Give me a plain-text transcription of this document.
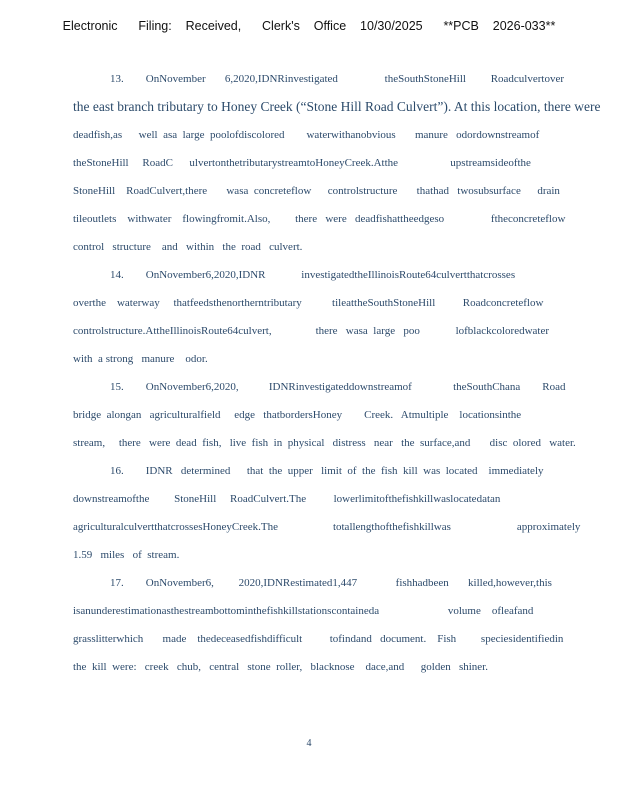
Electronic      Filing:    Received,      Clerk's    Office    10/30/2025      **PCB    2026-033**
13.        OnNovember       6,2020,IDNRinvestigated                 theSouthStoneHill         Roadculvertover
the east branch tributary to Honey Creek (“Stone Hill Road Culvert”). At this location, there were
deadfish,as      well  asa  large  poolofdiscolored        waterwithanobvious       manure   odordownstreamof
theStoneHill     RoadC      ulvertonthetributarystreamtoHoneyCreek.Atthe                   upstreamsideofthe
StoneHill    RoadCulvert,there       wasa  concreteflow      controlstructure       thathad   twosubsurface      drain
tileoutlets    withwater    flowingfromit.Also,         there   were   deadfishattheedgeso                 ftheconcreteflow
control   structure    and   within   the  road   culvert.
14.        OnNovember6,2020,IDNR             investigatedtheIllinoisRoute64culvertthatcrosses
overthe    waterway     thatfeedsthenortherntributary           tileattheSouthStoneHill          Roadconcreteflow
controlstructure.AttheIllinoisRoute64culvert,                there   wasa  large   poo             lofblackcoloredwater
with  a strong   manure    odor.
15.        OnNovember6,2020,           IDNRinvestigateddownstreamof               theSouthChana        Road
bridge  alongan   agriculturalfield     edge   thatbordersHoney        Creek.   Atmultiple    locationsinthe
stream,     there   were  dead  fish,   live  fish  in  physical   distress   near   the  surface,and       disc  olored   water.
16.        IDNR   determined      that  the  upper   limit  of  the  fish  kill  was  located    immediately
downstreamofthe         StoneHill     RoadCulvert.The          lowerlimitofthefishkillwaslocatedatan
agriculturalculvertthatcrossesHoneyCreek.The                    totallengthofthefishkillwas                        approximately
1.59   miles   of  stream.
17.        OnNovember6,         2020,IDNRestimated1,447              fishhadbeen       killed,however,this
isanunderestimationasthestreambottominthefishkillstationscontaineda                         volume    ofleafand
grasslitterwhich       made    thedeceasedfishdifficult          tofindand   document.    Fish         speciesidentifiedin
the  kill  were:   creek   chub,   central   stone  roller,   blacknose    dace,and      golden   shiner.
4
